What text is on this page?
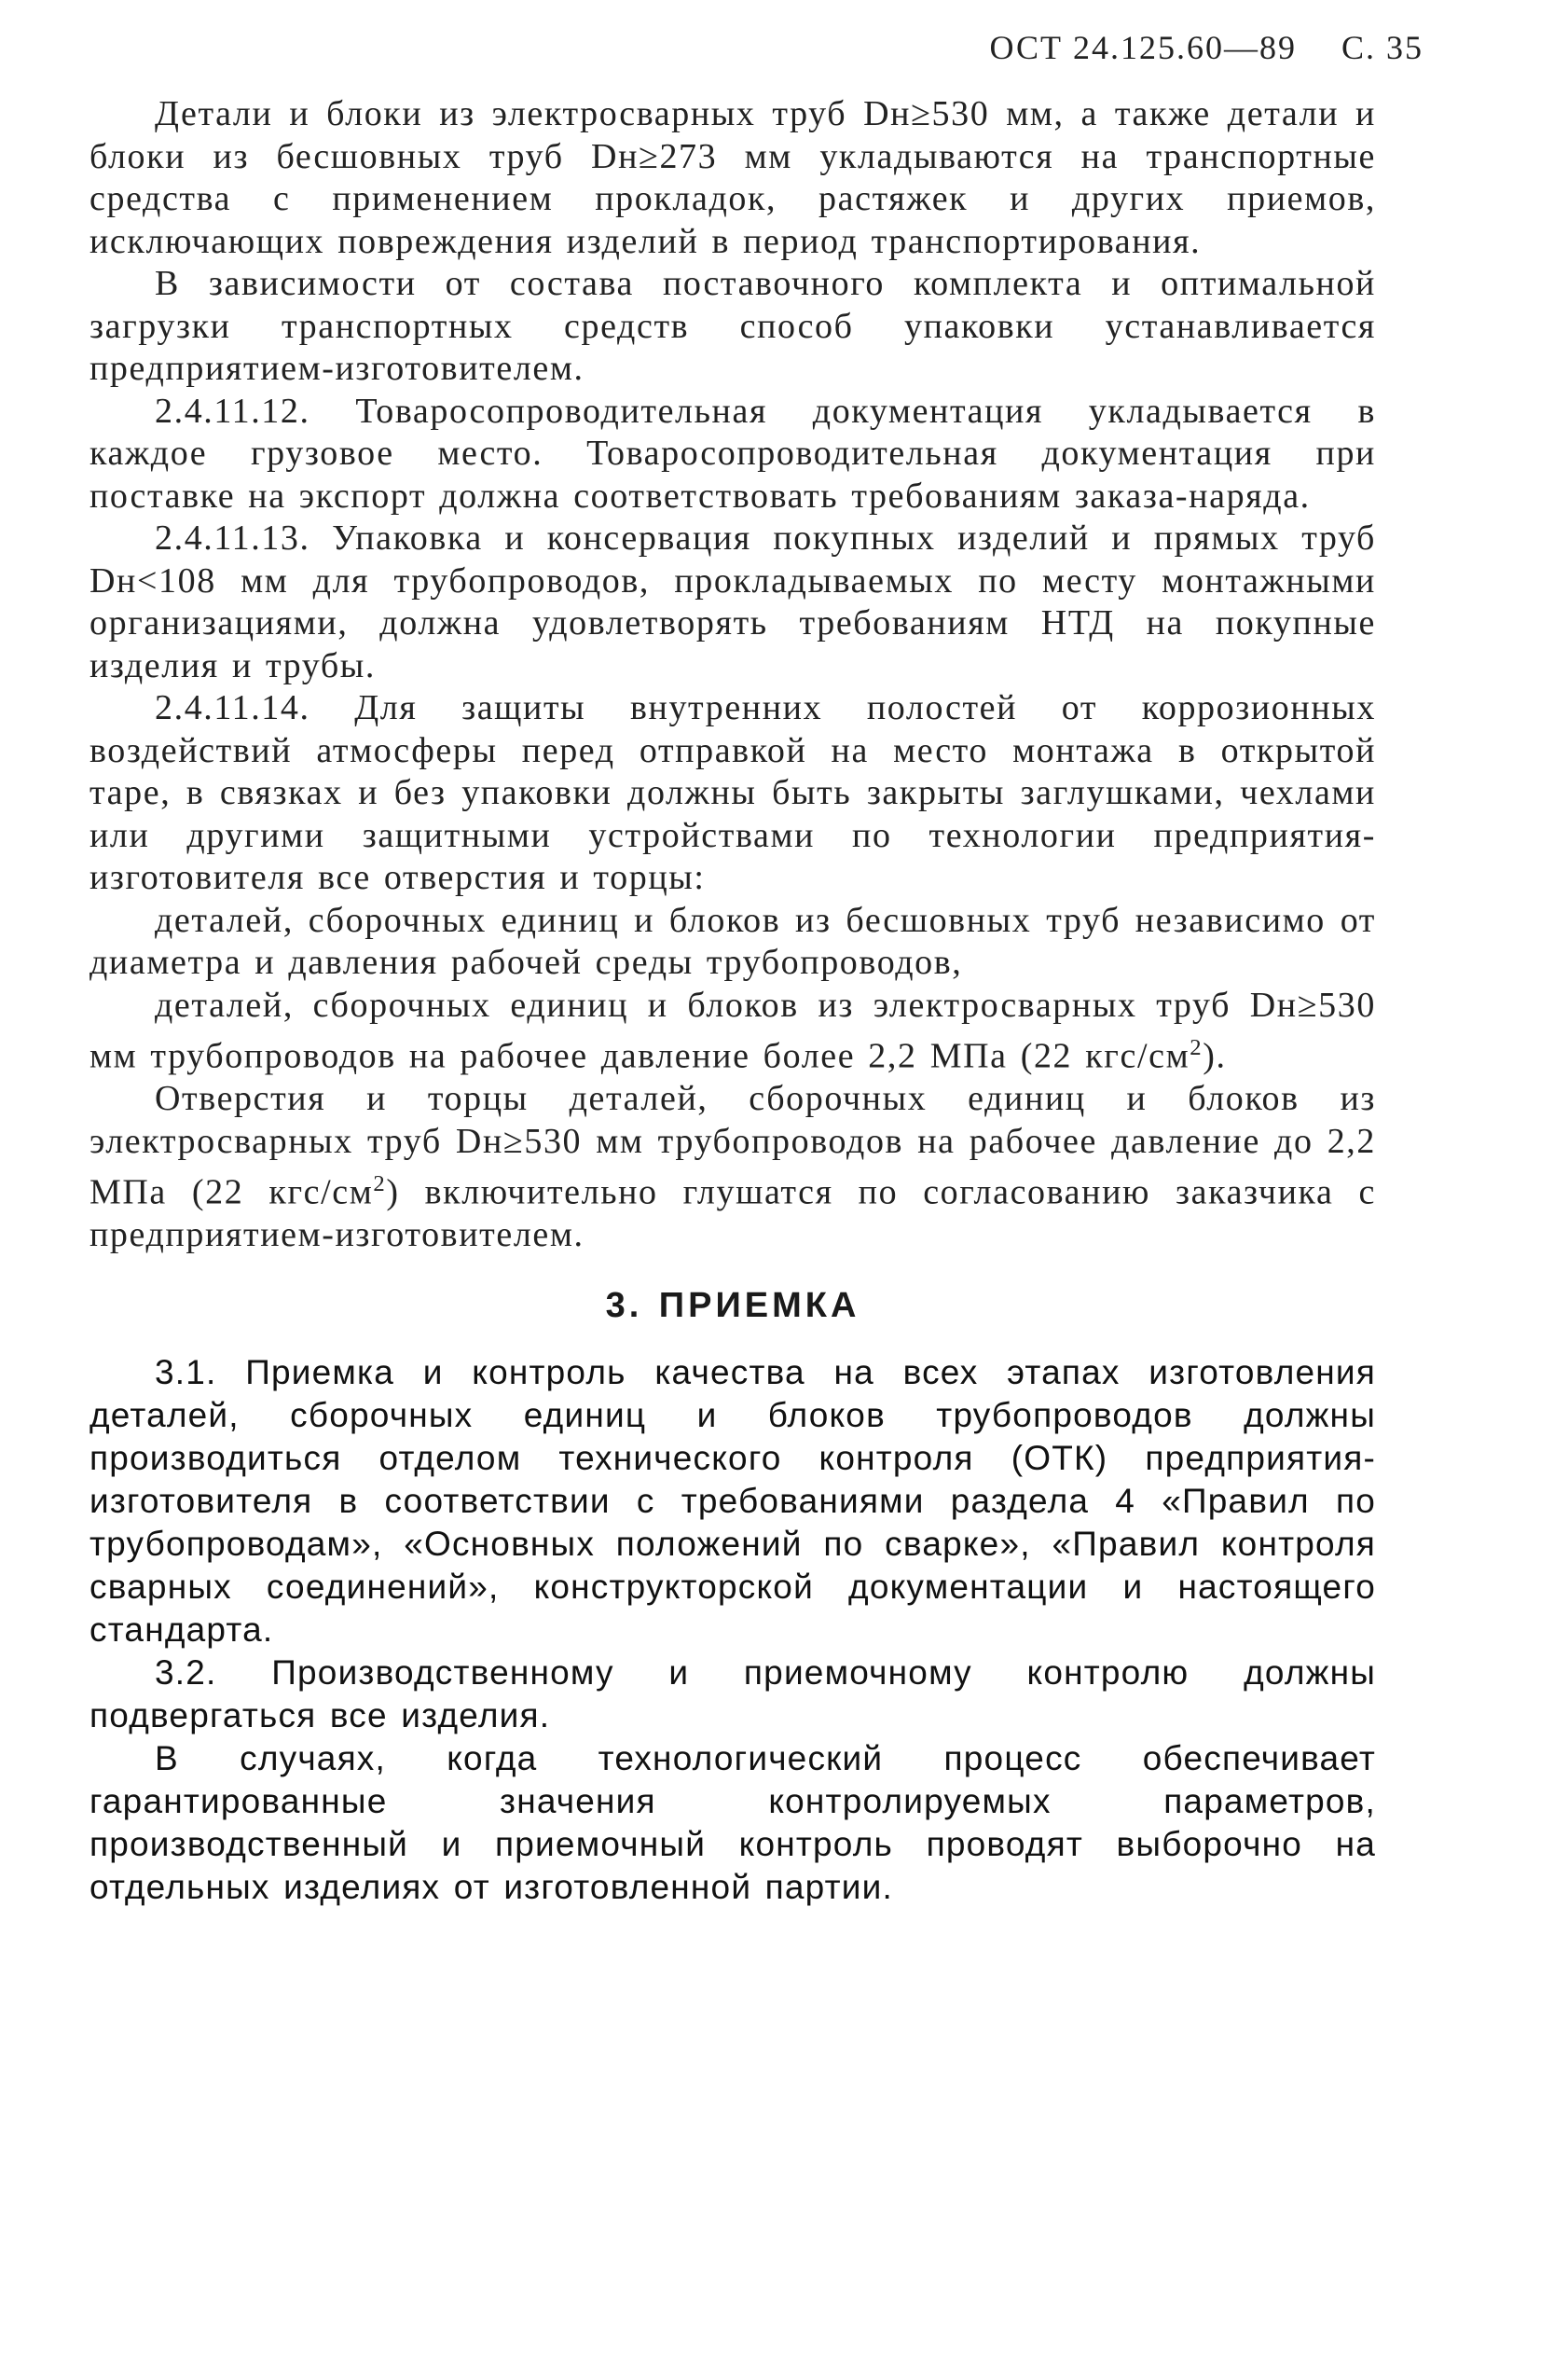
ОСТ 24.125.60—89 С. 35

Детали и блоки из электросварных труб Dн≥530 мм, а также детали и блоки из бесшовных труб Dн≥273 мм укладываются на транспортные средства с применением прокладок, растяжек и других приемов, исключающих повреждения изделий в период транспортирования.

В зависимости от состава поставочного комплекта и оптимальной загрузки транспортных средств способ упаковки устанавливается предприятием-изготовителем.

2.4.11.12. Товаросопроводительная документация укладывается в каждое грузовое место. Товаросопроводительная документация при поставке на экспорт должна соответствовать требованиям заказа-наряда.

2.4.11.13. Упаковка и консервация покупных изделий и прямых труб Dн<108 мм для трубопроводов, прокладываемых по месту монтажными организациями, должна удовлетворять требованиям НТД на покупные изделия и трубы.

2.4.11.14. Для защиты внутренних полостей от коррозионных воздействий атмосферы перед отправкой на место монтажа в открытой таре, в связках и без упаковки должны быть закрыты заглушками, чехлами или другими защитными устройствами по технологии предприятия-изготовителя все отверстия и торцы:

деталей, сборочных единиц и блоков из бесшовных труб независимо от диаметра и давления рабочей среды трубопроводов,

деталей, сборочных единиц и блоков из электросварных труб Dн≥530 мм трубопроводов на рабочее давление более 2,2 МПа (22 кгс/$см^2$).

Отверстия и торцы деталей, сборочных единиц и блоков из электросварных труб Dн≥530 мм трубопроводов на рабочее давление до 2,2 МПа (22 кгс/$см^2$) включительно глушатся по согласованию заказчика с предприятием-изготовителем.

3. ПРИЕМКА

3.1. Приемка и контроль качества на всех этапах изготовления деталей, сборочных единиц и блоков трубопроводов должны производиться отделом технического контроля (ОТК) предприятия-изготовителя в соответствии с требованиями раздела 4 «Правил по трубопроводам», «Основных положений по сварке», «Правил контроля сварных соединений», конструкторской документации и настоящего стандарта.

3.2. Производственному и приемочному контролю должны подвергаться все изделия.

В случаях, когда технологический процесс обеспечивает гарантированные значения контролируемых параметров, производственный и приемочный контроль проводят выборочно на отдельных изделиях от изготовленной партии.
